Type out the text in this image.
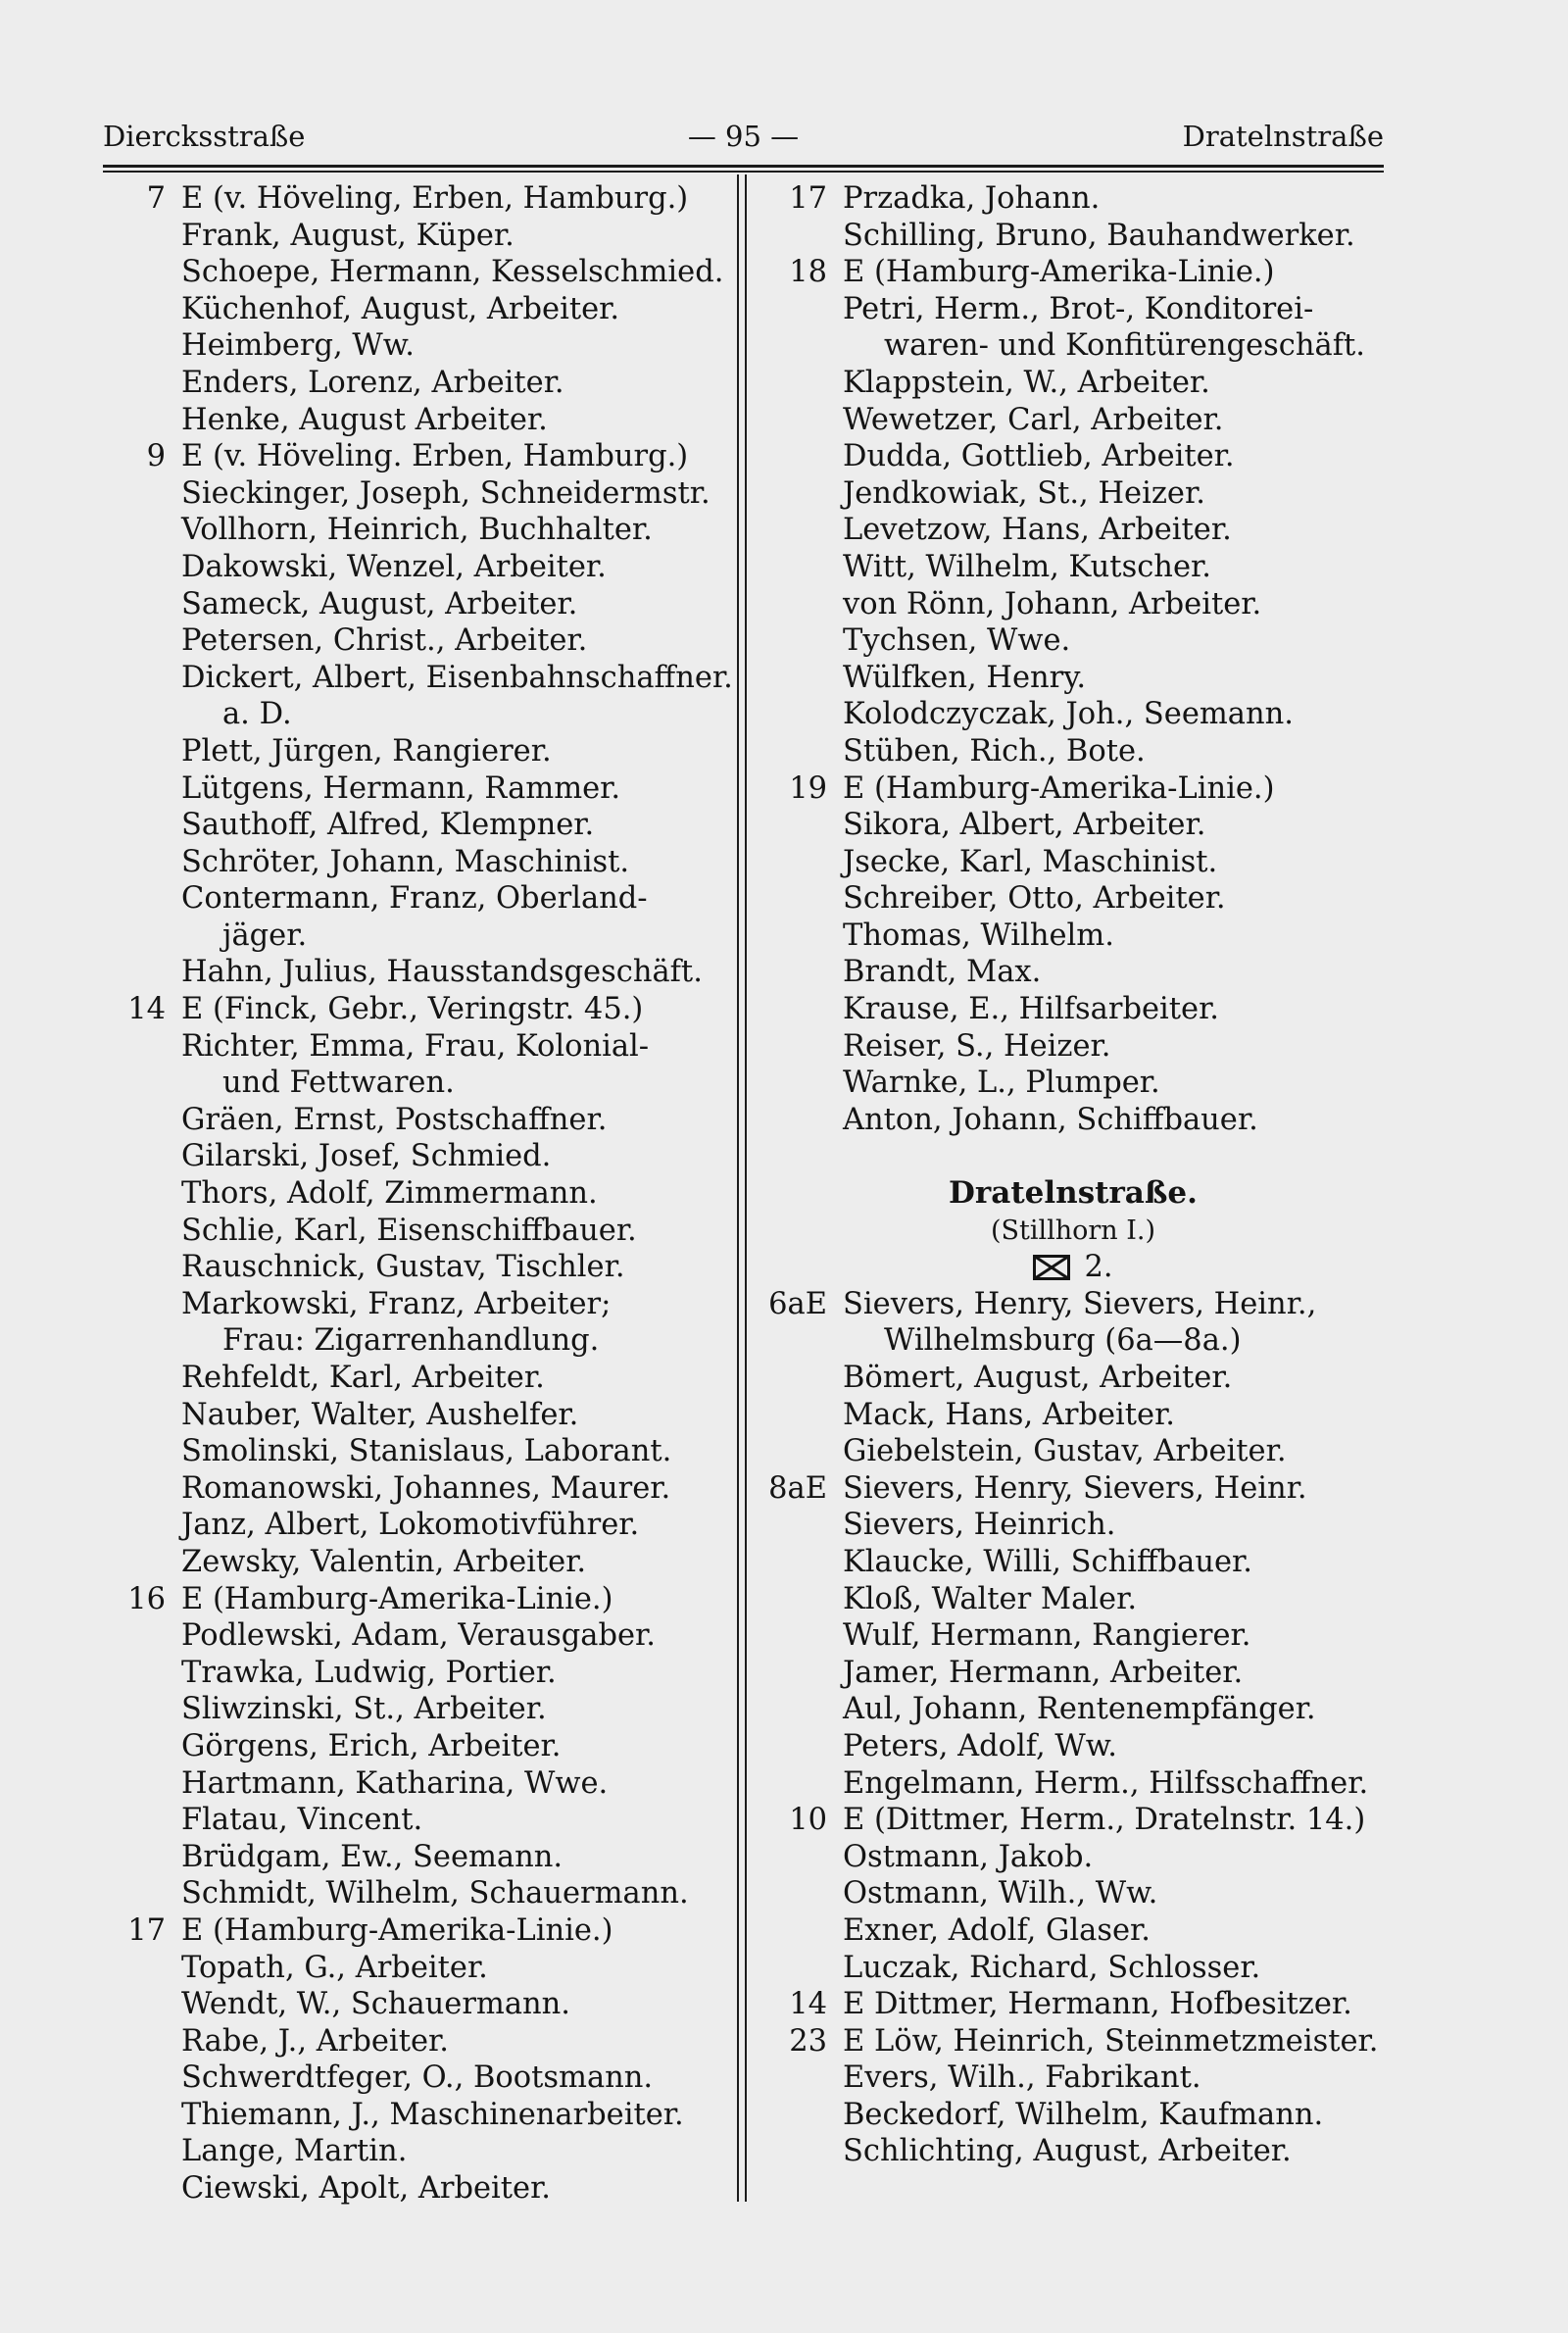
Diercksstraße	— 95 —	Dratelnstraße
7 E (v. Höveling, Erben, Hamburg.)
Frank, August, Küper.
Schoepe, Hermann, Kesselschmied.
Küchenhof, August, Arbeiter.
Heimberg, Ww.
Enders, Lorenz, Arbeiter.
Henke, August Arbeiter.
9 E (v. Höveling. Erben, Hamburg.)
Sieckinger, Joseph, Schneidermstr.
Vollhorn, Heinrich, Buchhalter.
Dakowski, Wenzel, Arbeiter.
Sameck, August, Arbeiter.
Petersen, Christ., Arbeiter.
Dickert, Albert, Eisenbahnschaffner.
a. D.
Plett, Jürgen, Rangierer.
Lütgens, Hermann, Rammer.
Sauthoff, Alfred, Klempner.
Schröter, Johann, Maschinist.
Contermann, Franz, Oberland-
jäger.
Hahn, Julius, Hausstandsgeschäft.
14 E (Finck, Gebr., Veringstr. 45.)
Richter, Emma, Frau, Kolonial-
und Fettwaren.
Gräen, Ernst, Postschaffner.
Gilarski, Josef, Schmied.
Thors, Adolf, Zimmermann.
Schlie, Karl, Eisenschiffbauer.
Rauschnick, Gustav, Tischler.
Markowski, Franz, Arbeiter;
Frau: Zigarrenhandlung.
Rehfeldt, Karl, Arbeiter.
Nauber, Walter, Aushelfer.
Smolinski, Stanislaus, Laborant.
Romanowski, Johannes, Maurer.
Janz, Albert, Lokomotivführer.
Zewsky, Valentin, Arbeiter.
16 E (Hamburg-Amerika-Linie.)
Podlewski, Adam, Verausgaber.
Trawka, Ludwig, Portier.
Sliwzinski, St., Arbeiter.
Görgens, Erich, Arbeiter.
Hartmann, Katharina, Wwe.
Flatau, Vincent.
Brüdgam, Ew., Seemann.
Schmidt, Wilhelm, Schauermann.
17 E (Hamburg-Amerika-Linie.)
Topath, G., Arbeiter.
Wendt, W., Schauermann.
Rabe, J., Arbeiter.
Schwerdtfeger, O., Bootsmann.
Thiemann, J., Maschinenarbeiter.
Lange, Martin.
Ciewski, Apolt, Arbeiter.
17 Przadka, Johann.
Schilling, Bruno, Bauhandwerker.
18 E (Hamburg-Amerika-Linie.)
Petri, Herm., Brot-, Konditorei-
waren- und Konfitürengeschäft.
Klappstein, W., Arbeiter.
Wewetzer, Carl, Arbeiter.
Dudda, Gottlieb, Arbeiter.
Jendkowiak, St., Heizer.
Levetzow, Hans, Arbeiter.
Witt, Wilhelm, Kutscher.
von Rönn, Johann, Arbeiter.
Tychsen, Wwe.
Wülfken, Henry.
Kolodczyczak, Joh., Seemann.
Stüben, Rich., Bote.
19 E (Hamburg-Amerika-Linie.)
Sikora, Albert, Arbeiter.
Jsecke, Karl, Maschinist.
Schreiber, Otto, Arbeiter.
Thomas, Wilhelm.
Brandt, Max.
Krause, E., Hilfsarbeiter.
Reiser, S., Heizer.
Warnke, L., Plumper.
Anton, Johann, Schiffbauer.
Dratelnstraße.
(Stillhorn I.)
2.
6aE Sievers, Henry, Sievers, Heinr.,
Wilhelmsburg (6a—8a.)
Bömert, August, Arbeiter.
Mack, Hans, Arbeiter.
Giebelstein, Gustav, Arbeiter.
8aE Sievers, Henry, Sievers, Heinr.
Sievers, Heinrich.
Klaucke, Willi, Schiffbauer.
Kloß, Walter Maler.
Wulf, Hermann, Rangierer.
Jamer, Hermann, Arbeiter.
Aul, Johann, Rentenempfänger.
Peters, Adolf, Ww.
Engelmann, Herm., Hilfsschaffner.
10 E (Dittmer, Herm., Dratelnstr. 14.)
Ostmann, Jakob.
Ostmann, Wilh., Ww.
Exner, Adolf, Glaser.
Luczak, Richard, Schlosser.
14 E Dittmer, Hermann, Hofbesitzer.
23 E Löw, Heinrich, Steinmetzmeister.
Evers, Wilh., Fabrikant.
Beckedorf, Wilhelm, Kaufmann.
Schlichting, August, Arbeiter.
